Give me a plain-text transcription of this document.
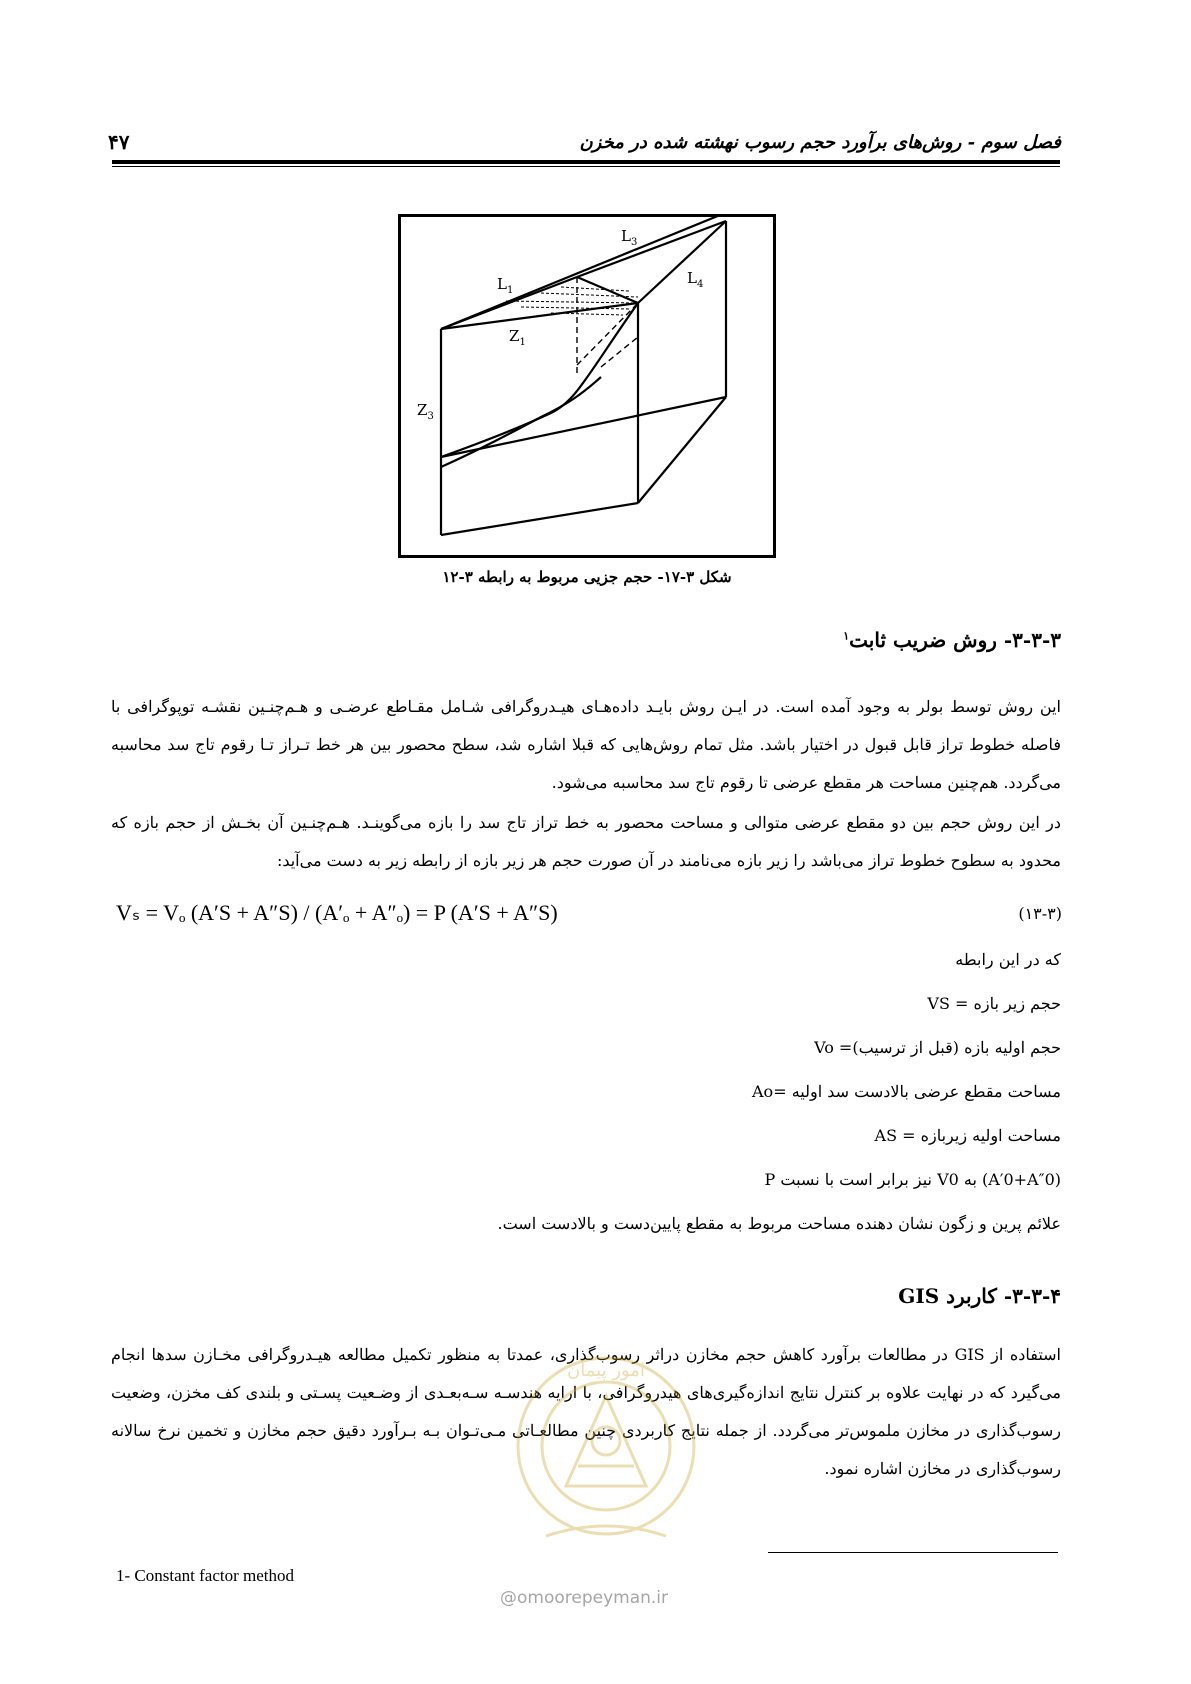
فصل سوم - روش‌های برآورد حجم رسوب نهشته شده در مخزن
۴۷
$L_3$
$L_4$
$L_1$
$Z_1$
$Z_3$
شکل ۳-۱۷- حجم جزیی مربوط به رابطه ۳-۱۲
۳-۳-۳- روش ضریب ثابت$^۱$
این روش توسط بولر به وجود آمده است. در ایـن روش بایـد داده‌هـای هیـدروگرافی شـامل مقـاطع عرضـی و هـم‌چنـین نقشـه توپوگرافی با فاصله خطوط تراز قابل قبول در اختیار باشد. مثل تمام روش‌هایی که قبلا اشاره شد، سطح محصور بین هر خط تـراز تـا رقوم تاج سد محاسبه می‌گردد. هم‌چنین مساحت هر مقطع عرضی تا رقوم تاج سد محاسبه می‌شود.
در این روش حجم بین دو مقطع عرضی متوالی و مساحت محصور به خط تراز تاج سد را بازه می‌گوینـد. هـم‌چنـین آن بخـش از حجم بازه که محدود به سطوح خطوط تراز می‌باشد را زیر بازه می‌نامند در آن صورت حجم هر زیر بازه از رابطه زیر به دست می‌آید:
Vₛ = Vₒ (A′S + A″S) / (A′ₒ + A″ₒ) = P (A′S + A″S)	(۱۳-۳)
که در این رابطه
VS = حجم زیر بازه
Vo =حجم اولیه بازه (قبل از ترسیب)
Ao= مساحت مقطع عرضی بالادست سد اولیه
AS = مساحت اولیه زیربازه
P نیز برابر است با نسبت V0 به (A′0+A″0)
علائم پرین و زگون نشان دهنده مساحت مربوط به مقطع پایین‌دست و بالادست است.
۳-۳-۴- کاربرد GIS
استفاده از GIS در مطالعات برآورد کاهش حجم مخازن دراثر رسوب‌گذاری، عمدتا به منظور تکمیل مطالعه هیـدروگرافی مخـازن سدها انجام می‌گیرد که در نهایت علاوه بر کنترل نتایج اندازه‌گیری‌های هیدروگرافی، با ارایه هندسـه سـه‌بعـدی از وضـعیت پسـتی و بلندی کف مخزن، وضعیت رسوب‌گذاری در مخازن ملموس‌تر می‌گردد. از جمله نتایج کاربردی چنین مطالعـاتی مـی‌تـوان بـه بـرآورد دقیق حجم مخازن و تخمین نرخ سالانه رسوب‌گذاری در مخازن اشاره نمود.
امور پیمان
1- Constant factor method
@omoorepeyman.ir
